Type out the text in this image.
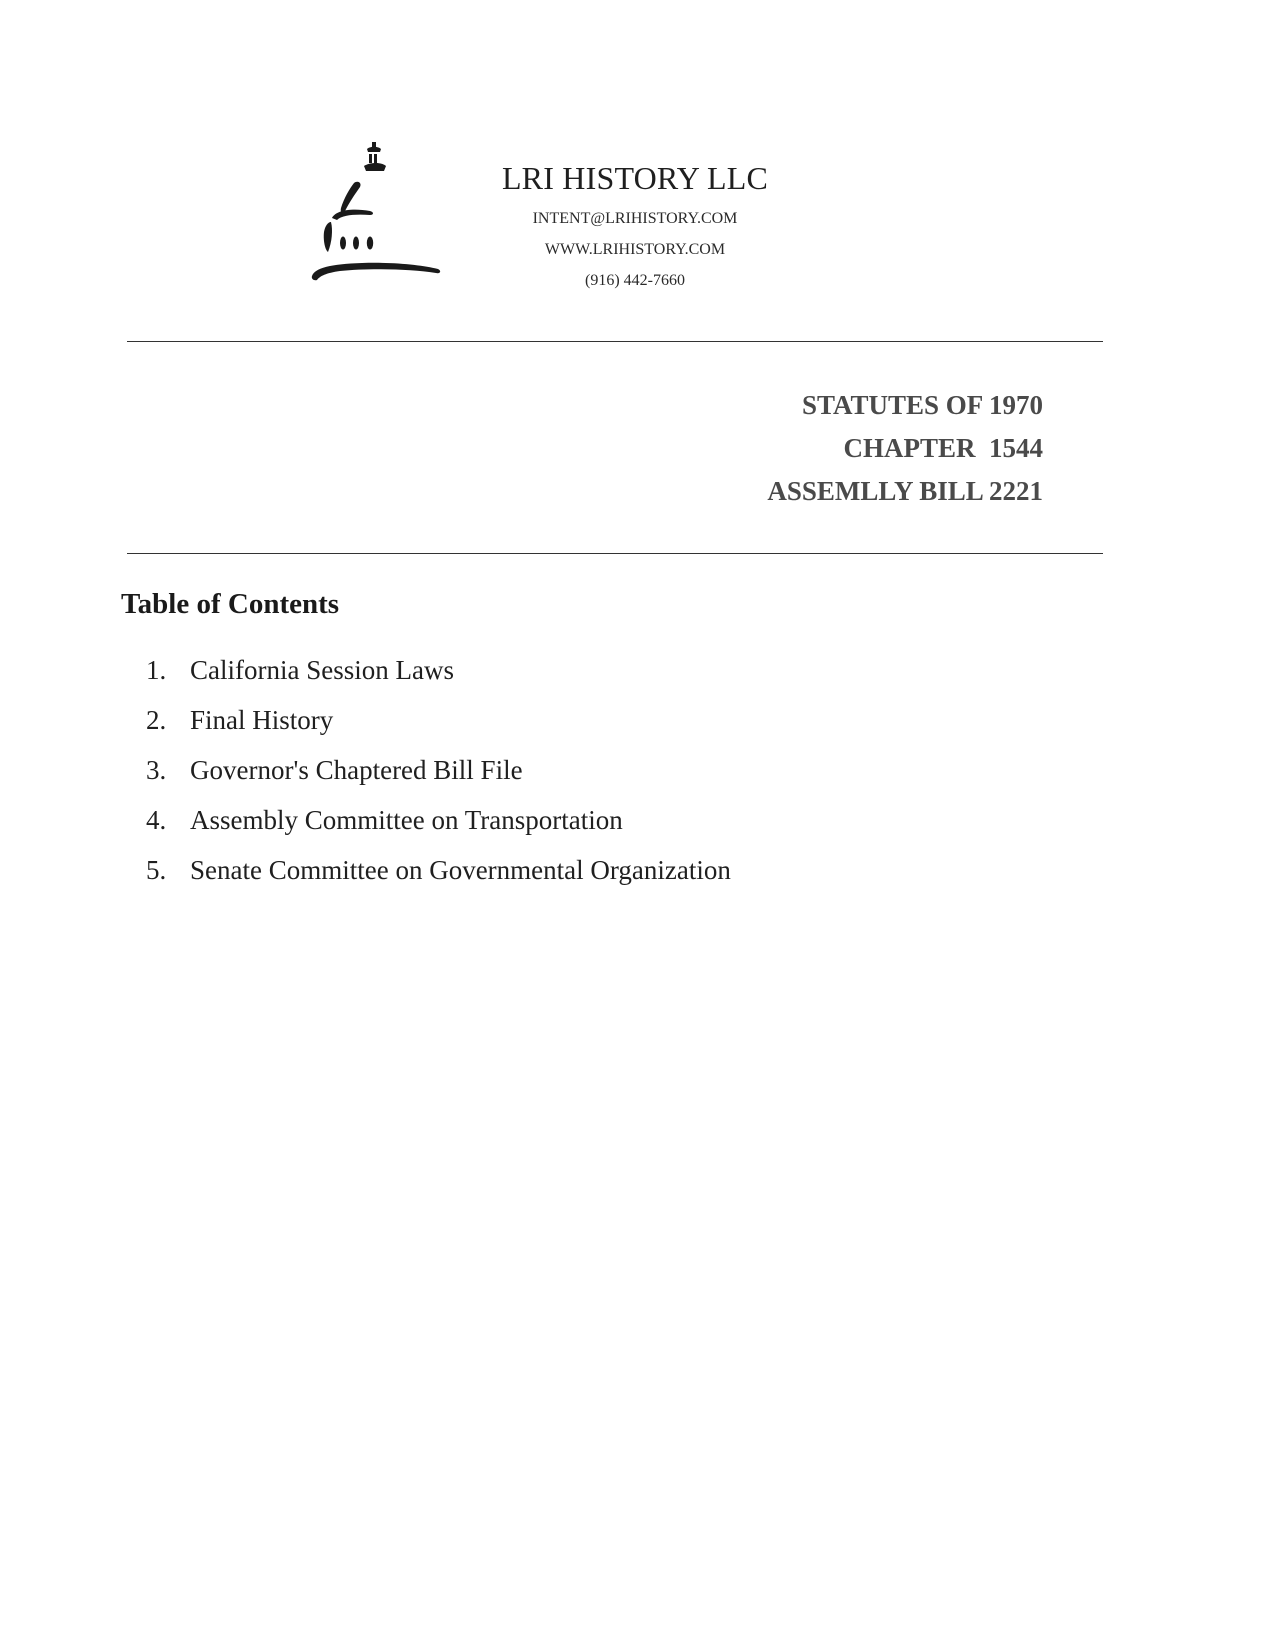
LRI HISTORY LLC
INTENT@LRIHISTORY.COM
WWW.LRIHISTORY.COM
(916) 442-7660
STATUTES OF 1970
CHAPTER  1544
ASSEMLLY BILL 2221
Table of Contents
1. California Session Laws
2. Final History
3. Governor's Chaptered Bill File
4. Assembly Committee on Transportation
5. Senate Committee on Governmental Organization
